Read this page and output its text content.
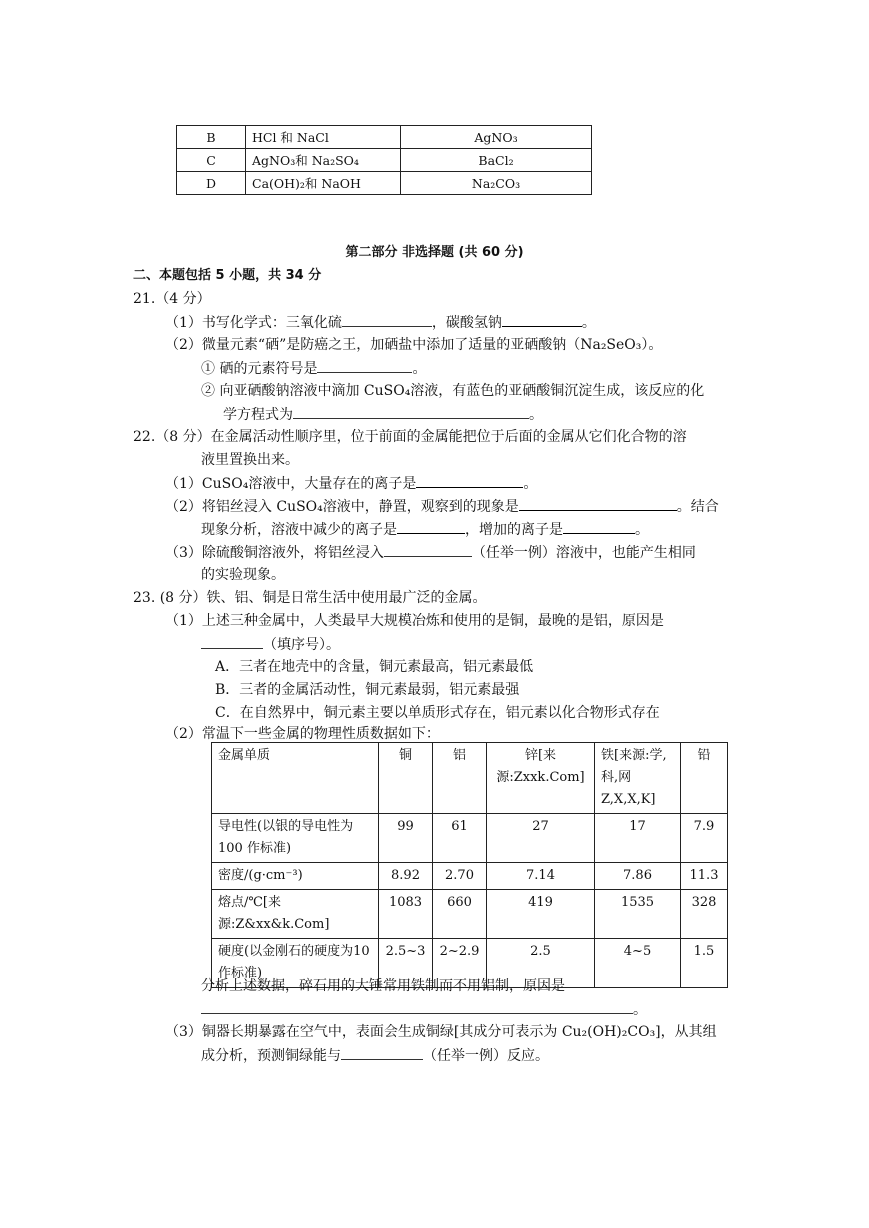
B	HCl 和 NaCl	AgNO₃
C	AgNO₃和 Na₂SO₄	BaCl₂
D	Ca(OH)₂和 NaOH	Na₂CO₃
第二部分 非选择题 (共 60 分)
二、本题包括 5 小题，共 34 分
21.（4 分）
（1）书写化学式：三氧化硫	，碳酸氢钠	。
（2）微量元素“硒”是防癌之王，加硒盐中添加了适量的亚硒酸钠（Na₂SeO₃）。
① 硒的元素符号是	。
② 向亚硒酸钠溶液中滴加 CuSO₄溶液，有蓝色的亚硒酸铜沉淀生成，该反应的化
学方程式为	。
22.（8 分）在金属活动性顺序里，位于前面的金属能把位于后面的金属从它们化合物的溶
液里置换出来。
（1）CuSO₄溶液中，大量存在的离子是	。
（2）将铝丝浸入 CuSO₄溶液中，静置，观察到的现象是	。结合
现象分析，溶液中减少的离子是	，增加的离子是	。
（3）除硫酸铜溶液外，将铝丝浸入	（任举一例）溶液中，也能产生相同
的实验现象。
23. (8 分）铁、铝、铜是日常生活中使用最广泛的金属。
（1）上述三种金属中，人类最早大规模冶炼和使用的是铜，最晚的是铝，原因是
（填序号）。
A．三者在地壳中的含量，铜元素最高，铝元素最低
B．三者的金属活动性，铜元素最弱，铝元素最强
C．在自然界中，铜元素主要以单质形式存在，铝元素以化合物形式存在
（2）常温下一些金属的物理性质数据如下：
金属单质	铜	铝	锌[来源:Zxxk.Com]	铁[来源:学,科,网Z,X,X,K]	铅
导电性(以银的导电性为100 作标准)	99	61	27	17	7.9
密度/(g·cm⁻³)	8.92	2.70	7.14	7.86	11.3
熔点/℃[来源:Z&xx&k.Com]	1083	660	419	1535	328
硬度(以金刚石的硬度为10 作标准)	2.5~3	2~2.9	2.5	4~5	1.5
分析上述数据，碎石用的大锤常用铁制而不用铝制，原因是
。
（3）铜器长期暴露在空气中，表面会生成铜绿[其成分可表示为 Cu₂(OH)₂CO₃]，从其组
成分析，预测铜绿能与	（任举一例）反应。
